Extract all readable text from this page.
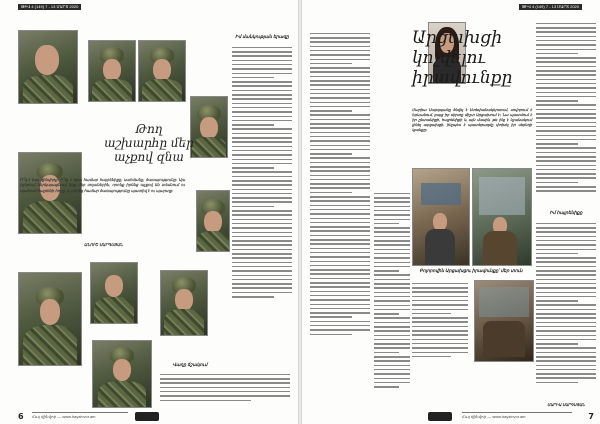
ԹԻՎ 4 (149) 7 - 13 ՄԱՐՏ 2020
Թող աշխարհը մեր աչքով զնա
Ո՞վ է հայ զինվորը։ Ի՞նչ է նրա համար հայրենիքը, սահմանը, ծառայությունը։ Այս էջերում ներկայացնում ենք մեր տղաներին, որոնք իրենց աչքով են տեսնում ու պահում հայրենի հողը, և որոնց համար ծառայությունը պատիվ է ու պարտք։
ԱՆՈՒՇ ՍԱՐԳՍՅԱՆ
Իմ մանկության երազը
Վաղը ճշակում
6 Հայ զինվոր — www.hayzinvor.am
ԹԻՎ 4 (149) 7 - 13 ՄԱՐՏ 2020
Արցախցի կոչվելու իրավունքը
Մարիա Սարգսյանը ծնվել է Ստեփանակերտում, սովորում է Երևանում, բայց իր սիրտը միշտ Արցախում է։ Նա պատմում է իր ընտանիքի, հայրենիքի և այն մասին, թե ինչ է նշանակում լինել արցախցի, ինչպես է պատերազմը փոխել իր սերնդի կյանքը։
Բոլորովին Արցախցու իրավունքը՝ մեր տուն
Իմ հայրենիքը
ՄԱՐԻԱ ՍԱՐԳՍՅԱՆ
Հայ զինվոր — www.hayzinvor.am	7
